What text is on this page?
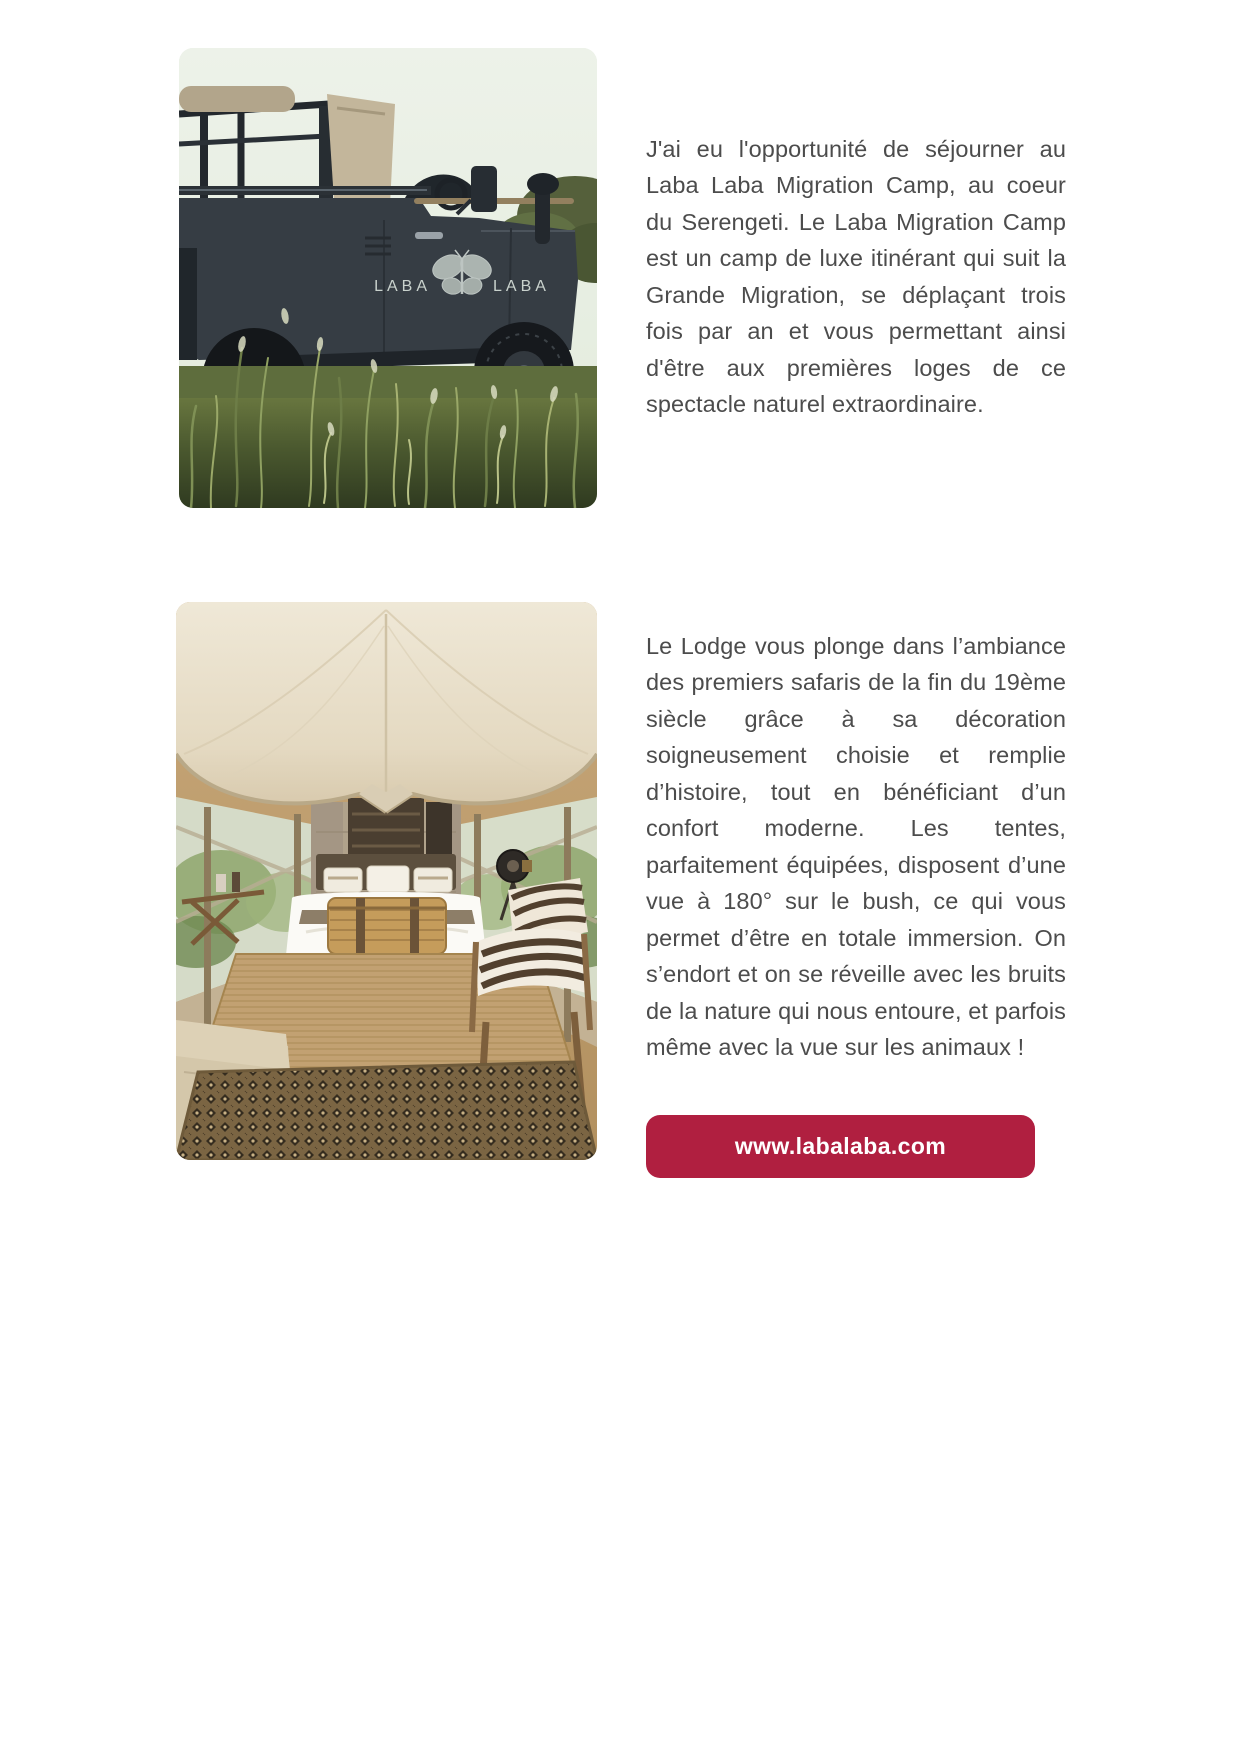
LABA	LABA

J'ai eu l'opportunité de séjourner au Laba Laba Migration Camp, au coeur du Serengeti. Le Laba Migration Camp est un camp de luxe itinérant qui suit la Grande Migration, se déplaçant trois fois par an et vous permettant ainsi d'être aux premières loges de ce spectacle naturel extraordinaire.

Le Lodge vous plonge dans l’ambiance des premiers safaris de la fin du 19ème siècle grâce à sa décoration soigneusement choisie et remplie d’histoire, tout en bénéficiant d’un confort moderne. Les tentes, parfaitement équipées, disposent d’une vue à 180° sur le bush, ce qui vous permet d’être en totale immersion. On s’endort et on se réveille avec les bruits de la nature qui nous entoure, et parfois même avec la vue sur les animaux !

www.labalaba.com
